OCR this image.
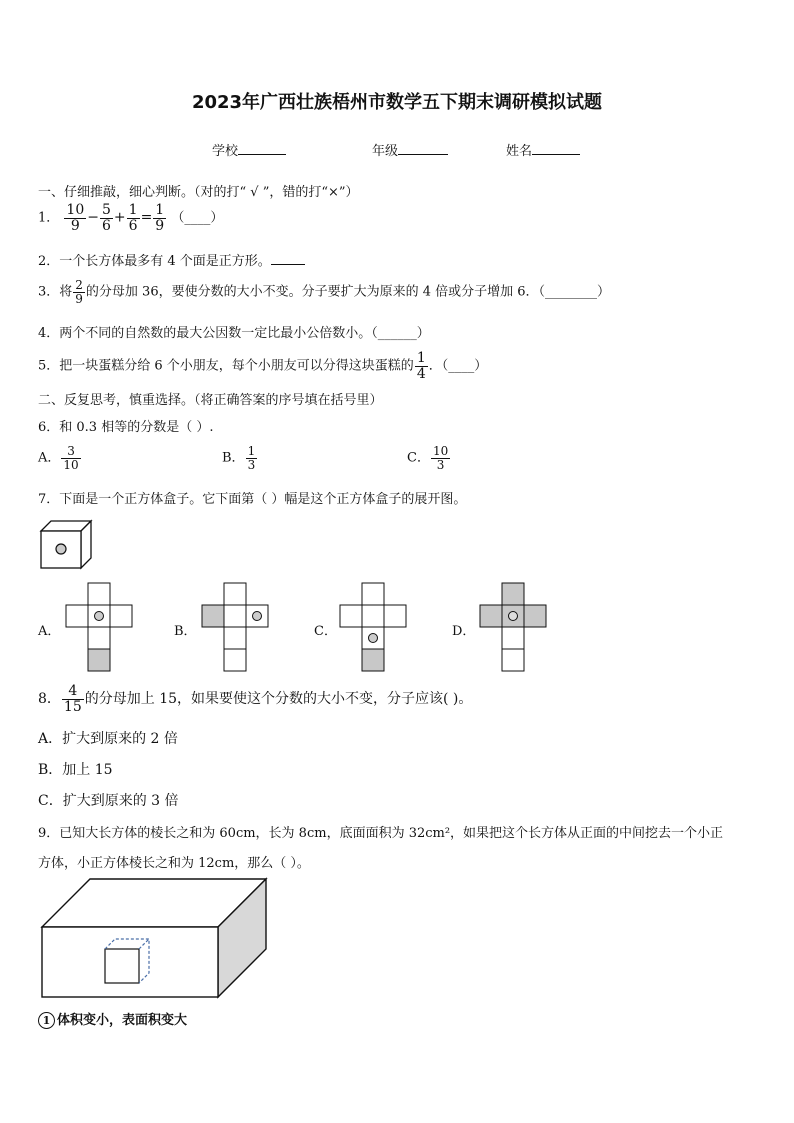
2023年广西壮族梧州市数学五下期末调研模拟试题
学校	年级	姓名
一、仔细推敲，细心判断。（对的打“ √ ”，错的打“×”）
1． $\frac{10}{9} - \frac{5}{6} + \frac{1}{6} = \frac{1}{9}$ （____）
2．一个长方体最多有 4 个面是正方形。
3．将 $\frac{2}{9}$ 的分母加 36，要使分数的大小不变。分子要扩大为原来的 4 倍或分子增加 6．（________）
4．两个不同的自然数的最大公因数一定比最小公倍数小。（______）
5．把一块蛋糕分给 6 个小朋友，每个小朋友可以分得这块蛋糕的 $\frac{1}{4}$ ．（____）
二、反复思考，慎重选择。（将正确答案的序号填在括号里）
6．和 0.3 相等的分数是（ ）.
A． $\frac{3}{10}$	B． $\frac{1}{3}$	C． $\frac{10}{3}$
7．下面是一个正方体盒子。它下面第（ ）幅是这个正方体盒子的展开图。
A．	B．	C．	D．
8． $\frac{4}{15}$ 的分母加上 15，如果要使这个分数的大小不变，分子应该( )。
A．扩大到原来的 2 倍
B．加上 15
C．扩大到原来的 3 倍
9．已知大长方体的棱长之和为 60cm，长为 8cm，底面面积为 32cm²，如果把这个长方体从正面的中间挖去一个小正
方体，小正方体棱长之和为 12cm，那么（ ）。
1 体积变小，表面积变大
